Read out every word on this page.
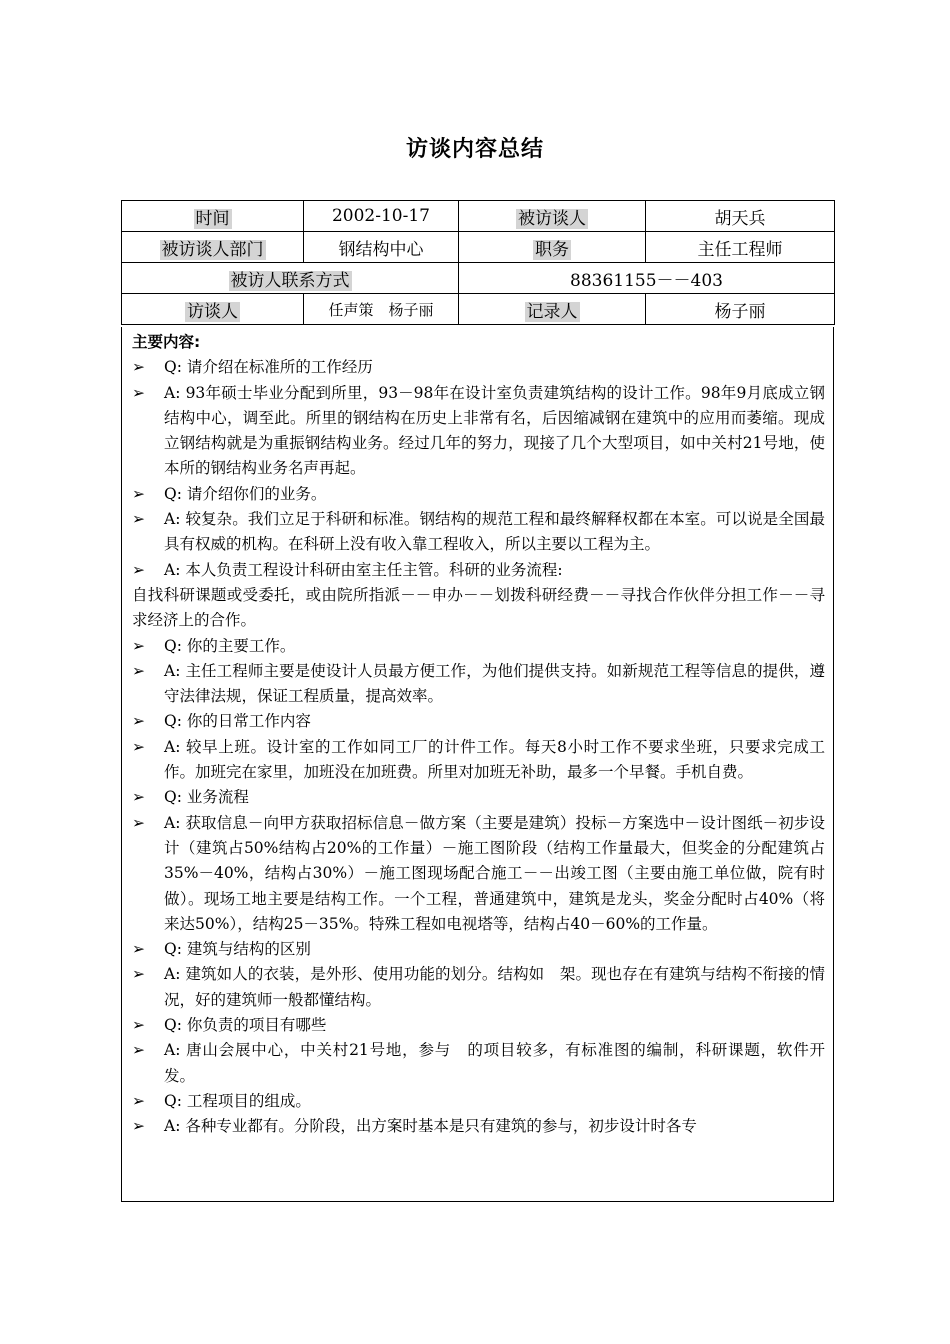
访谈内容总结
时间	2002-10-17	被访谈人	胡天兵
被访谈人部门	钢结构中心	职务	主任工程师
被访人联系方式		88361155－－403	
访谈人	任声策　杨子丽	记录人	杨子丽
主要内容:
➢	Q: 请介绍在标准所的工作经历
➢	A: 93年硕士毕业分配到所里，93－98年在设计室负责建筑结构的设计工作。98年9月底成立钢结构中心，调至此。所里的钢结构在历史上非常有名，后因缩减钢在建筑中的应用而萎缩。现成立钢结构就是为重振钢结构业务。经过几年的努力，现接了几个大型项目，如中关村21号地，使本所的钢结构业务名声再起。
➢	Q: 请介绍你们的业务。
➢	A: 较复杂。我们立足于科研和标准。钢结构的规范工程和最终解释权都在本室。可以说是全国最具有权威的机构。在科研上没有收入靠工程收入，所以主要以工程为主。
➢	A: 本人负责工程设计科研由室主任主管。科研的业务流程:
自找科研课题或受委托，或由院所指派－－申办－－划拨科研经费－－寻找合作伙伴分担工作－－寻求经济上的合作。
➢	Q: 你的主要工作。
➢	A: 主任工程师主要是使设计人员最方便工作，为他们提供支持。如新规范工程等信息的提供，遵守法律法规，保证工程质量，提高效率。
➢	Q: 你的日常工作内容
➢	A: 较早上班。设计室的工作如同工厂的计件工作。每天8小时工作不要求坐班，只要求完成工作。加班完在家里，加班没在加班费。所里对加班无补助，最多一个早餐。手机自费。
➢	Q: 业务流程
➢	A: 获取信息－向甲方获取招标信息－做方案（主要是建筑）投标－方案选中－设计图纸－初步设计（建筑占50%结构占20%的工作量）－施工图阶段（结构工作量最大，但奖金的分配建筑占35%－40%，结构占30%）－施工图现场配合施工－－出竣工图（主要由施工单位做，院有时做）。现场工地主要是结构工作。一个工程，普通建筑中，建筑是龙头，奖金分配时占40%（将来达50%），结构25－35%。特殊工程如电视塔等，结构占40－60%的工作量。
➢	Q: 建筑与结构的区别
➢	A: 建筑如人的衣装，是外形、使用功能的划分。结构如　架。现也存在有建筑与结构不衔接的情况，好的建筑师一般都懂结构。
➢	Q: 你负责的项目有哪些
➢	A: 唐山会展中心，中关村21号地，参与　的项目较多，有标准图的编制，科研课题，软件开发。
➢	Q: 工程项目的组成。
➢	A: 各种专业都有。分阶段，出方案时基本是只有建筑的参与，初步设计时各专
